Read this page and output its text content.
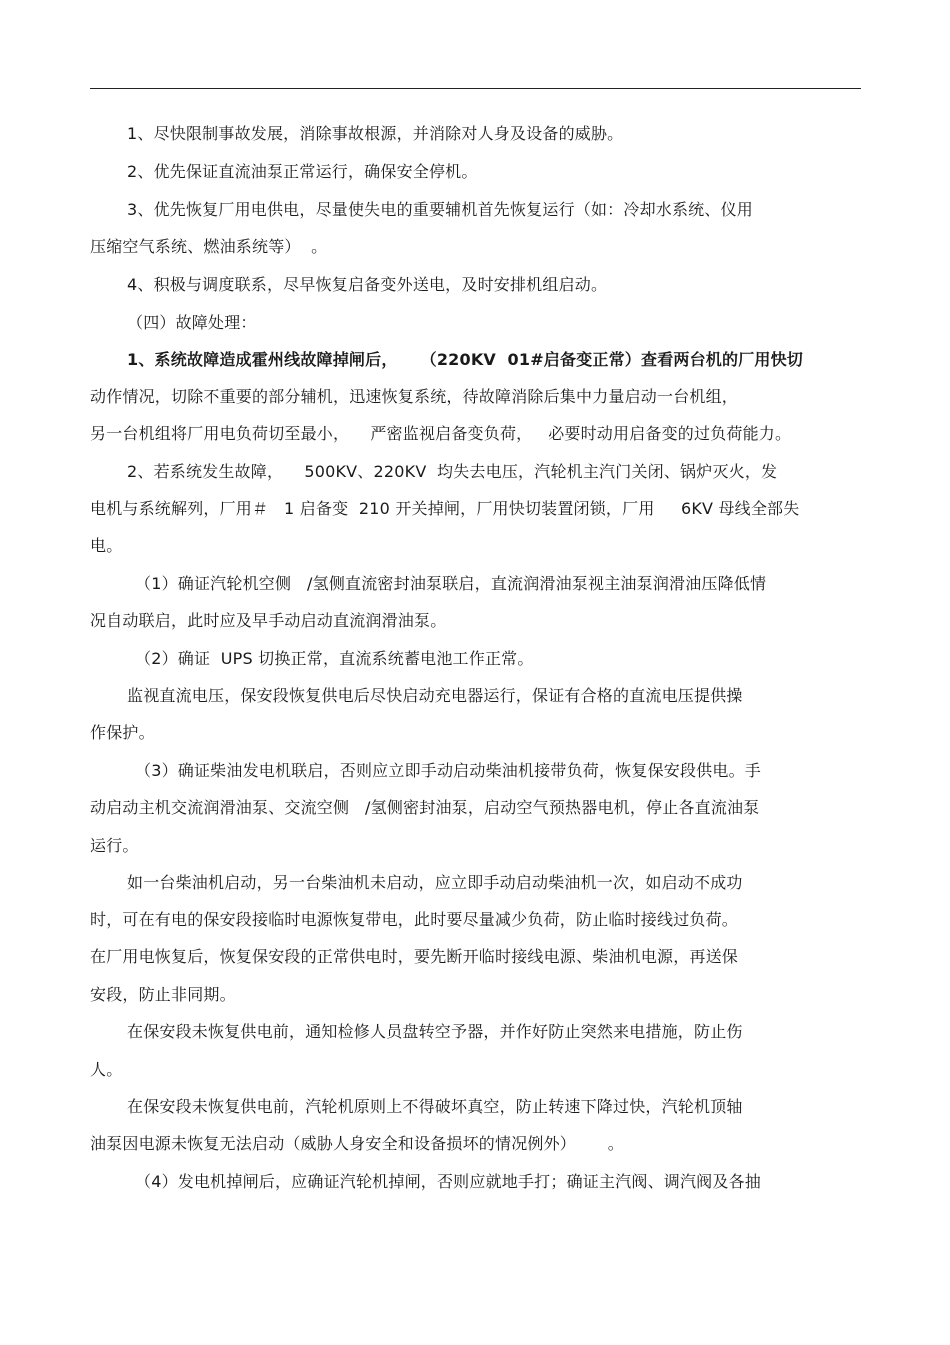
1、尽快限制事故发展，消除事故根源，并消除对人身及设备的威胁。
2、优先保证直流油泵正常运行，确保安全停机。
3、优先恢复厂用电供电，尽量使失电的重要辅机首先恢复运行（如：冷却水系统、仪用
压缩空气系统、燃油系统等）  。
4、积极与调度联系，尽早恢复启备变外送电，及时安排机组启动。
（四）故障处理：
1、系统故障造成霍州线故障掉闸后，    （220KV  01#启备变正常）查看两台机的厂用快切
动作情况，切除不重要的部分辅机，迅速恢复系统，待故障消除后集中力量启动一台机组，
另一台机组将厂用电负荷切至最小，    严密监视启备变负荷，   必要时动用启备变的过负荷能力。
2、若系统发生故障，    500KV、220KV  均失去电压，汽轮机主汽门关闭、锅炉灭火，发
电机与系统解列，厂用＃   1 启备变  210 开关掉闸，厂用快切装置闭锁，厂用     6KV 母线全部失
电。
（1）确证汽轮机空侧   /氢侧直流密封油泵联启，直流润滑油泵视主油泵润滑油压降低情
况自动联启，此时应及早手动启动直流润滑油泵。
（2）确证  UPS 切换正常，直流系统蓄电池工作正常。
监视直流电压，保安段恢复供电后尽快启动充电器运行，保证有合格的直流电压提供操
作保护。
（3）确证柴油发电机联启，否则应立即手动启动柴油机接带负荷，恢复保安段供电。手
动启动主机交流润滑油泵、交流空侧   /氢侧密封油泵，启动空气预热器电机，停止各直流油泵
运行。
如一台柴油机启动，另一台柴油机未启动，应立即手动启动柴油机一次，如启动不成功
时，可在有电的保安段接临时电源恢复带电，此时要尽量减少负荷，防止临时接线过负荷。
在厂用电恢复后，恢复保安段的正常供电时，要先断开临时接线电源、柴油机电源，再送保
安段，防止非同期。
在保安段未恢复供电前，通知检修人员盘转空予器，并作好防止突然来电措施，防止伤
人。
在保安段未恢复供电前，汽轮机原则上不得破坏真空，防止转速下降过快，汽轮机顶轴
油泵因电源未恢复无法启动（威胁人身安全和设备损坏的情况例外）      。
（4）发电机掉闸后，应确证汽轮机掉闸，否则应就地手打；确证主汽阀、调汽阀及各抽
